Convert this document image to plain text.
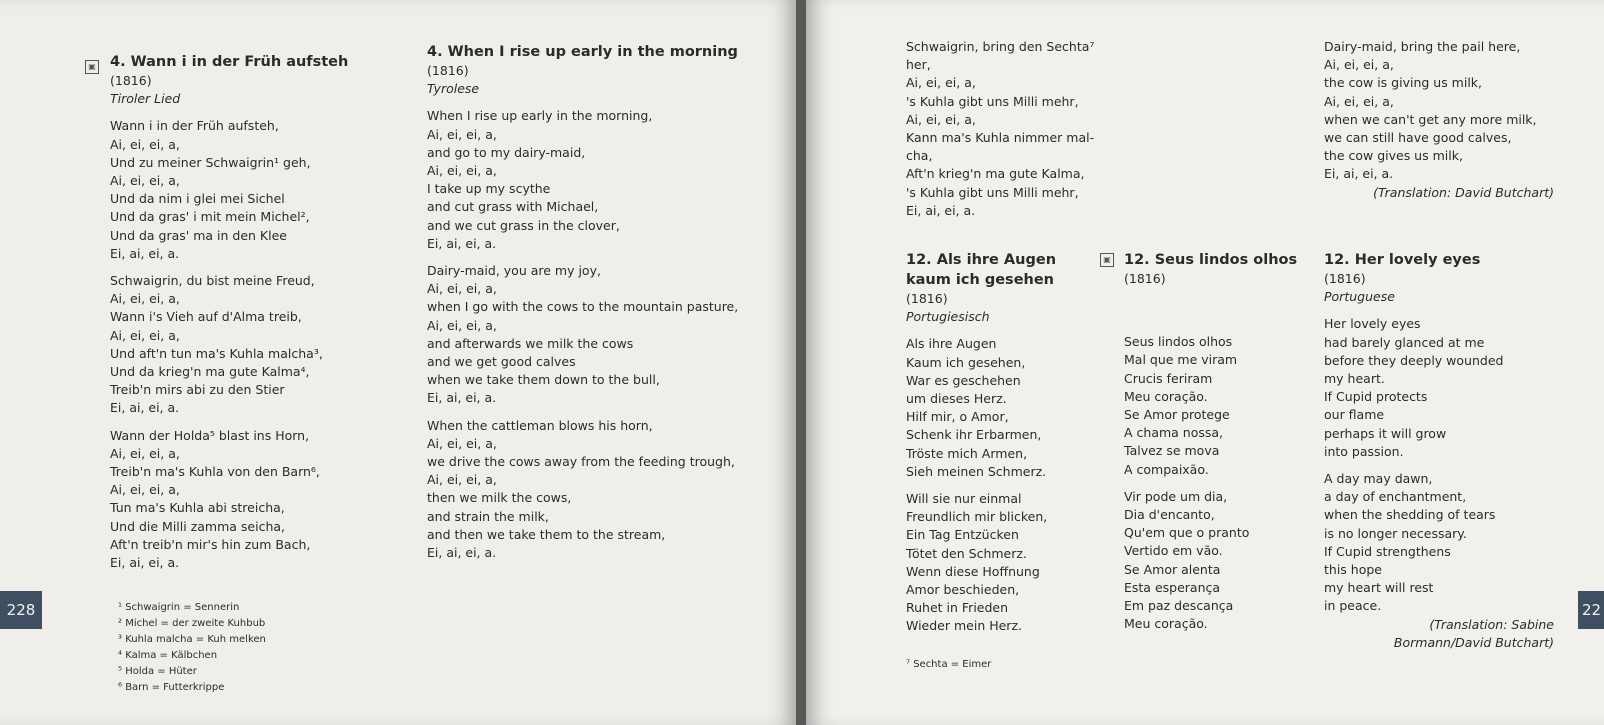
4. Wann i in der Früh aufsteh
(1816)
Tiroler Lied
Wann i in der Früh aufsteh,
Ai, ei, ei, a,
Und zu meiner Schwaigrin¹ geh,
Ai, ei, ei, a,
Und da nim i glei mei Sichel
Und da gras' i mit mein Michel²,
Und da gras' ma in den Klee
Ei, ai, ei, a.
Schwaigrin, du bist meine Freud,
Ai, ei, ei, a,
Wann i's Vieh auf d'Alma treib,
Ai, ei, ei, a,
Und aft'n tun ma's Kuhla malcha³,
Und da krieg'n ma gute Kalma⁴,
Treib'n mirs abi zu den Stier
Ei, ai, ei, a.
Wann der Holda⁵ blast ins Horn,
Ai, ei, ei, a,
Treib'n ma's Kuhla von den Barn⁶,
Ai, ei, ei, a,
Tun ma's Kuhla abi streicha,
Und die Milli zamma seicha,
Aft'n treib'n mir's hin zum Bach,
Ei, ai, ei, a.
▣
¹ Schwaigrin = Sennerin
² Michel = der zweite Kuhbub
³ Kuhla malcha = Kuh melken
⁴ Kalma = Kälbchen
⁵ Holda = Hüter
⁶ Barn = Futterkrippe
4. When I rise up early in the morning
(1816)
Tyrolese
When I rise up early in the morning,
Ai, ei, ei, a,
and go to my dairy-maid,
Ai, ei, ei, a,
I take up my scythe
and cut grass with Michael,
and we cut grass in the clover,
Ei, ai, ei, a.
Dairy-maid, you are my joy,
Ai, ei, ei, a,
when I go with the cows to the mountain pasture,
Ai, ei, ei, a,
and afterwards we milk the cows
and we get good calves
when we take them down to the bull,
Ei, ai, ei, a.
When the cattleman blows his horn,
Ai, ei, ei, a,
we drive the cows away from the feeding trough,
Ai, ei, ei, a,
then we milk the cows,
and strain the milk,
and then we take them to the stream,
Ei, ai, ei, a.
228
Schwaigrin, bring den Sechta⁷
her,
Ai, ei, ei, a,
's Kuhla gibt uns Milli mehr,
Ai, ei, ei, a,
Kann ma's Kuhla nimmer mal-
cha,
Aft'n krieg'n ma gute Kalma,
's Kuhla gibt uns Milli mehr,
Ei, ai, ei, a.
Dairy-maid, bring the pail here,
Ai, ei, ei, a,
the cow is giving us milk,
Ai, ei, ei, a,
when we can't get any more milk,
we can still have good calves,
the cow gives us milk,
Ei, ai, ei, a.
(Translation: David Butchart)
12. Als ihre Augen
kaum ich gesehen
(1816)
Portugiesisch
Als ihre Augen
Kaum ich gesehen,
War es geschehen
um dieses Herz.
Hilf mir, o Amor,
Schenk ihr Erbarmen,
Tröste mich Armen,
Sieh meinen Schmerz.
Will sie nur einmal
Freundlich mir blicken,
Ein Tag Entzücken
Tötet den Schmerz.
Wenn diese Hoffnung
Amor beschieden,
Ruhet in Frieden
Wieder mein Herz.
⁷ Sechta = Eimer
▣ 12. Seus lindos olhos
(1816)
Seus lindos olhos
Mal que me viram
Crucis feriram
Meu coração.
Se Amor protege
A chama nossa,
Talvez se mova
A compaixão.
Vir pode um dia,
Dia d'encanto,
Qu'em que o pranto
Vertido em vão.
Se Amor alenta
Esta esperança
Em paz descança
Meu coração.
12. Her lovely eyes
(1816)
Portuguese
Her lovely eyes
had barely glanced at me
before they deeply wounded
my heart.
If Cupid protects
our flame
perhaps it will grow
into passion.
A day may dawn,
a day of enchantment,
when the shedding of tears
is no longer necessary.
If Cupid strengthens
this hope
my heart will rest
in peace.
(Translation: Sabine
Bormann/David Butchart)
22
